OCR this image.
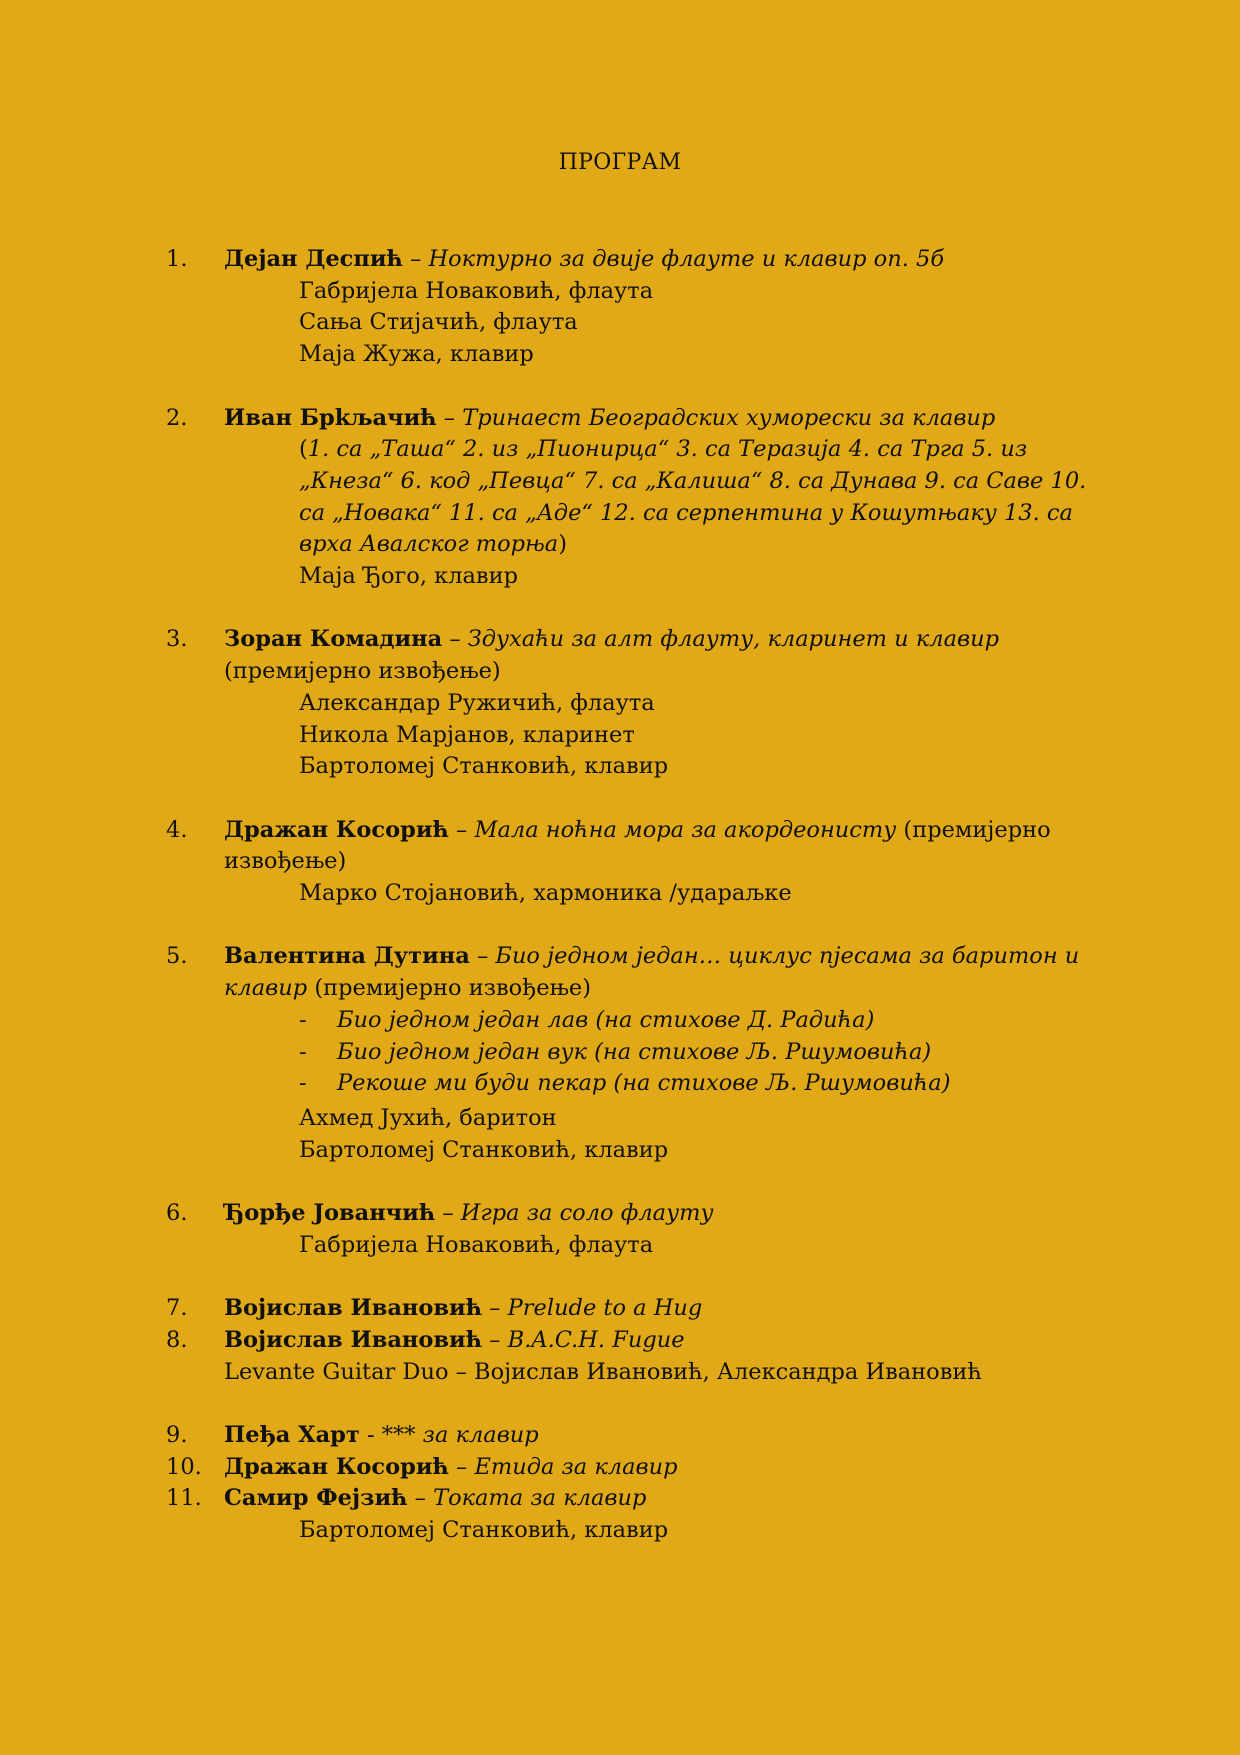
ПРОГРАМ
1. Дејан Деспић – Ноктурно за двије флауте и клавир оп. 5б
Габријела Новаковић, флаута
Сања Стијачић, флаута
Маја Жужа, клавир
2. Иван Брkљачић – Тринаест Београдских хумoрески за клавир
(1. са „Таша“ 2. из „Пионирца“ 3. са Теразија 4. са Трга 5. из „Кнеза“ 6. код „Певца“ 7. са „Калиша“ 8. са Дунава 9. са Саве 10. са „Новака“ 11. са „Аде“ 12. са серпентина у Кошутњаку 13. са врха Авалског торња)
Маја Ђого, клавир
3. Зоран Комадина – Здухаћи за алт флауту, кларинет и клавир (премијерно извођење)
Александар Ружичић, флаута
Никола Марјанов, кларинет
Бартоломеј Станковић, клавир
4. Дражан Косорић – Мала ноћна мора за акордеонисту (премијерно извођење)
Марко Стојановић, хармоника /удараљке
5. Валентина Дутина – Био једном један… циклус пјесама за баритон и клавир (премијерно извођење)
- Био једном један лав (на стихове Д. Радића)
- Био једном један вук (на стихове Љ. Ршумовића)
- Рекоше ми буди пекар (на стихове Љ. Ршумовића)
Ахмед Јухић, баритон
Бартоломеј Станковић, клавир
6. Ђорђе Јованчић – Игра за соло флауту
Габријела Новаковић, флаута
7. Војислав Ивановић – Prelude to a Hug
8. Војислав Ивановић – B.A.C.H. Fugue
Levante Guitar Duo – Војислав Ивановић, Александра Ивановић
9. Пеђа Харт - *** за клавир
10. Дражан Косорић – Етида за клавир
11. Самир Фејзић – Токата за клавир
Бартоломеј Станковић, клавир
